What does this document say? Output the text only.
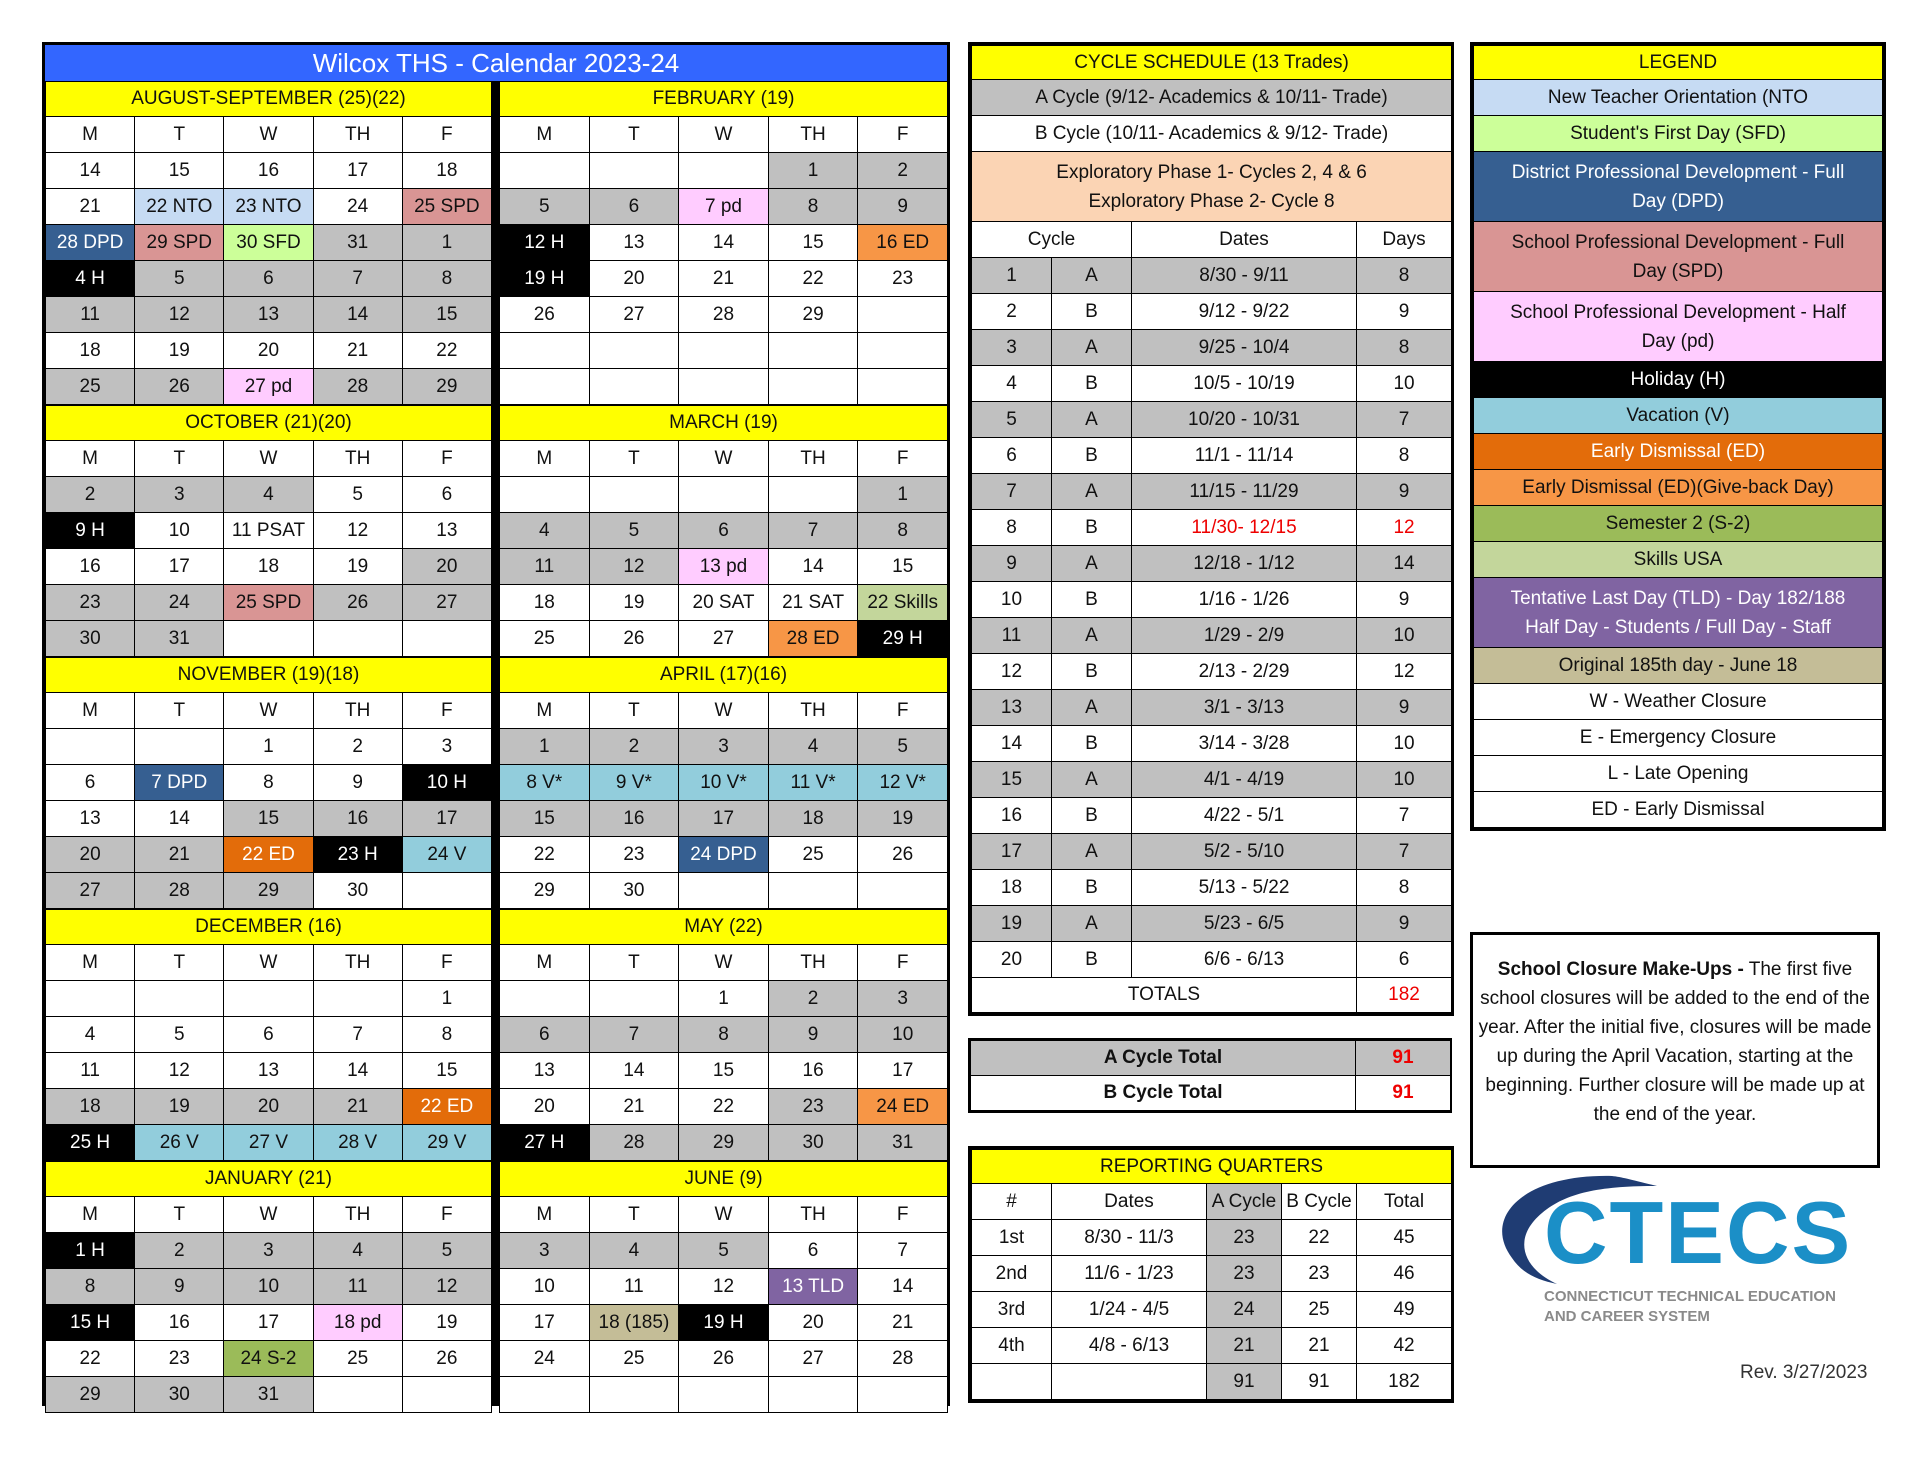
Wilcox THS - Calendar 2023-24
AUGUST-SEPTEMBER (25)(22)				
M	T	W	TH	F
14	15	16	17	18
21	22 NTO	23 NTO	24	25 SPD
28 DPD	29 SPD	30 SFD	31	1
4 H	5	6	7	8
11	12	13	14	15
18	19	20	21	22
25	26	27 pd	28	29
OCTOBER (21)(20)				
M	T	W	TH	F
2	3	4	5	6
9 H	10	11 PSAT	12	13
16	17	18	19	20
23	24	25 SPD	26	27
30	31			
NOVEMBER (19)(18)				
M	T	W	TH	F
		1	2	3
6	7 DPD	8	9	10 H
13	14	15	16	17
20	21	22 ED	23 H	24 V
27	28	29	30	
DECEMBER (16)				
M	T	W	TH	F
				1
4	5	6	7	8
11	12	13	14	15
18	19	20	21	22 ED
25 H	26 V	27 V	28 V	29 V
JANUARY (21)				
M	T	W	TH	F
1 H	2	3	4	5
8	9	10	11	12
15 H	16	17	18 pd	19
22	23	24 S-2	25	26
29	30	31		
FEBRUARY (19)				
M	T	W	TH	F
			1	2
5	6	7 pd	8	9
12 H	13	14	15	16 ED
19 H	20	21	22	23
26	27	28	29	

MARCH (19)				
M	T	W	TH	F
				1
4	5	6	7	8
11	12	13 pd	14	15
18	19	20 SAT	21 SAT	22 Skills
25	26	27	28 ED	29 H
APRIL (17)(16)				
M	T	W	TH	F
1	2	3	4	5
8 V*	9 V*	10 V*	11 V*	12 V*
15	16	17	18	19
22	23	24 DPD	25	26
29	30			
MAY (22)				
M	T	W	TH	F
		1	2	3
6	7	8	9	10
13	14	15	16	17
20	21	22	23	24 ED
27 H	28	29	30	31
JUNE (9)				
M	T	W	TH	F
3	4	5	6	7
10	11	12	13 TLD	14
17	18 (185)	19 H	20	21
24	25	26	27	28

CYCLE SCHEDULE (13 Trades)			
A Cycle (9/12- Academics & 10/11- Trade)			
B Cycle (10/11- Academics & 9/12- Trade)			

Exploratory Phase 1- Cycles 2, 4 & 6
Exploratory Phase 2- Cycle 8			

Cycle		Dates	Days
1	A	8/30 - 9/11	8
2	B	9/12 - 9/22	9
3	A	9/25 - 10/4	8
4	B	10/5 - 10/19	10
5	A	10/20 - 10/31	7
6	B	11/1 - 11/14	8
7	A	11/15 - 11/29	9
8	B	11/30- 12/15	12
9	A	12/18 - 1/12	14
10	B	1/16 - 1/26	9
11	A	1/29 - 2/9	10
12	B	2/13 - 2/29	12
13	A	3/1 - 3/13	9
14	B	3/14 - 3/28	10
15	A	4/1 - 4/19	10
16	B	4/22 - 5/1	7
17	A	5/2 - 5/10	7
18	B	5/13 - 5/22	8
19	A	5/23 - 6/5	9
20	B	6/6 - 6/13	6
TOTALS			182
A Cycle Total	91
B Cycle Total	91
REPORTING QUARTERS				
#	Dates	A Cycle	B Cycle	Total
1st	8/30 - 11/3	23	22	45
2nd	11/6 - 1/23	23	23	46
3rd	1/24 - 4/5	24	25	49
4th	4/8 - 6/13	21	21	42
		91	91	182
LEGEND
New Teacher Orientation (NTO
Student's First Day (SFD)
District Professional Development - Full Day (DPD)
School Professional Development - Full Day (SPD)
School Professional Development - Half Day (pd)
Holiday (H)
Vacation (V)
Early Dismissal (ED)
Early Dismissal (ED)(Give-back Day)
Semester 2 (S-2)
Skills USA
Tentative Last Day (TLD) - Day 182/188 Half Day - Students / Full Day - Staff
Original 185th day - June 18
W - Weather Closure
E - Emergency Closure
L - Late Opening
ED - Early Dismissal
School Closure Make-Ups - The first five school closures will be added to the end of the year. After the initial five, closures will be made up during the April Vacation, starting at the beginning. Further closure will be made up at the end of the year.
CTECS
CONNECTICUT TECHNICAL EDUCATION
AND CAREER SYSTEM
Rev. 3/27/2023
